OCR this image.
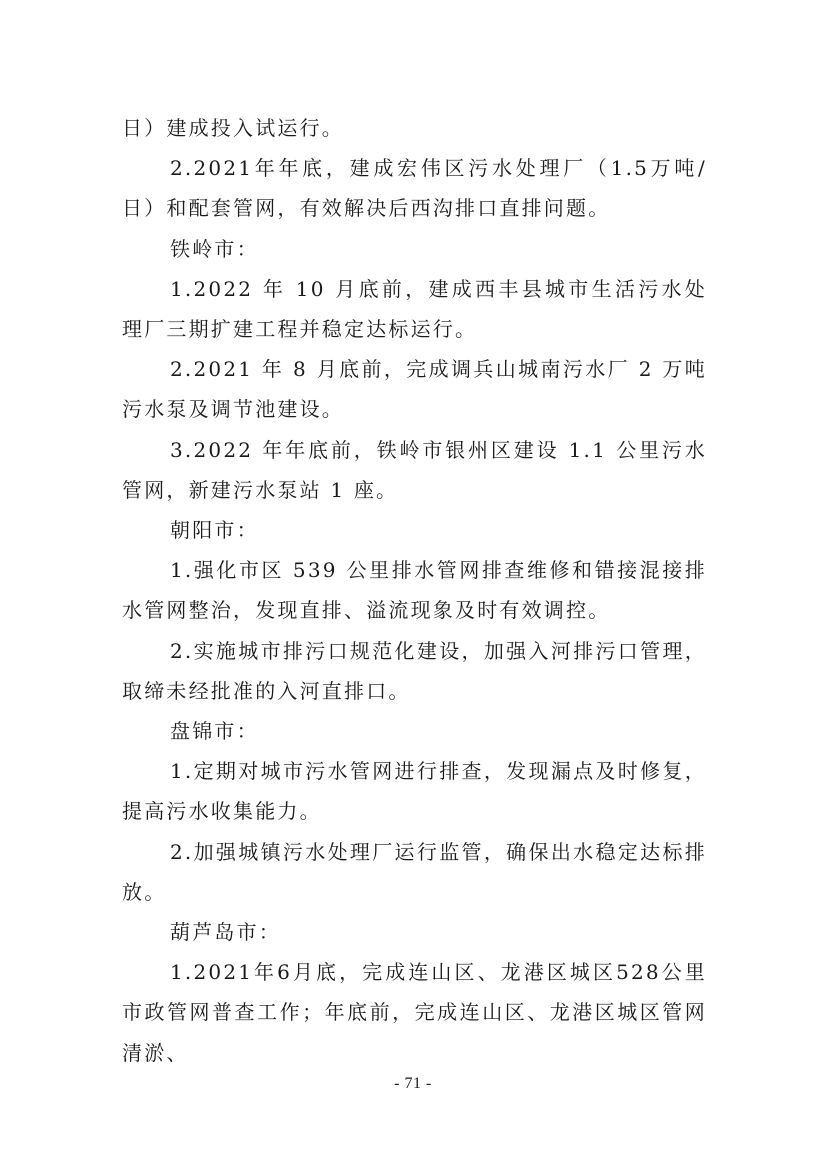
日）建成投入试运行。

2.2021年年底，建成宏伟区污水处理厂（1.5万吨/日）和配套管网，有效解决后西沟排口直排问题。

铁岭市：

1.2022 年 10 月底前，建成西丰县城市生活污水处理厂三期扩建工程并稳定达标运行。

2.2021 年 8 月底前，完成调兵山城南污水厂 2 万吨污水泵及调节池建设。

3.2022 年年底前，铁岭市银州区建设 1.1 公里污水管网，新建污水泵站 1 座。

朝阳市：

1.强化市区 539 公里排水管网排查维修和错接混接排水管网整治，发现直排、溢流现象及时有效调控。

2.实施城市排污口规范化建设，加强入河排污口管理，取缔未经批准的入河直排口。

盘锦市：

1.定期对城市污水管网进行排查，发现漏点及时修复，提高污水收集能力。

2.加强城镇污水处理厂运行监管，确保出水稳定达标排放。

葫芦岛市：

1.2021年6月底，完成连山区、龙港区城区528公里市政管网普查工作；年底前，完成连山区、龙港区城区管网清淤、

- 71 -
